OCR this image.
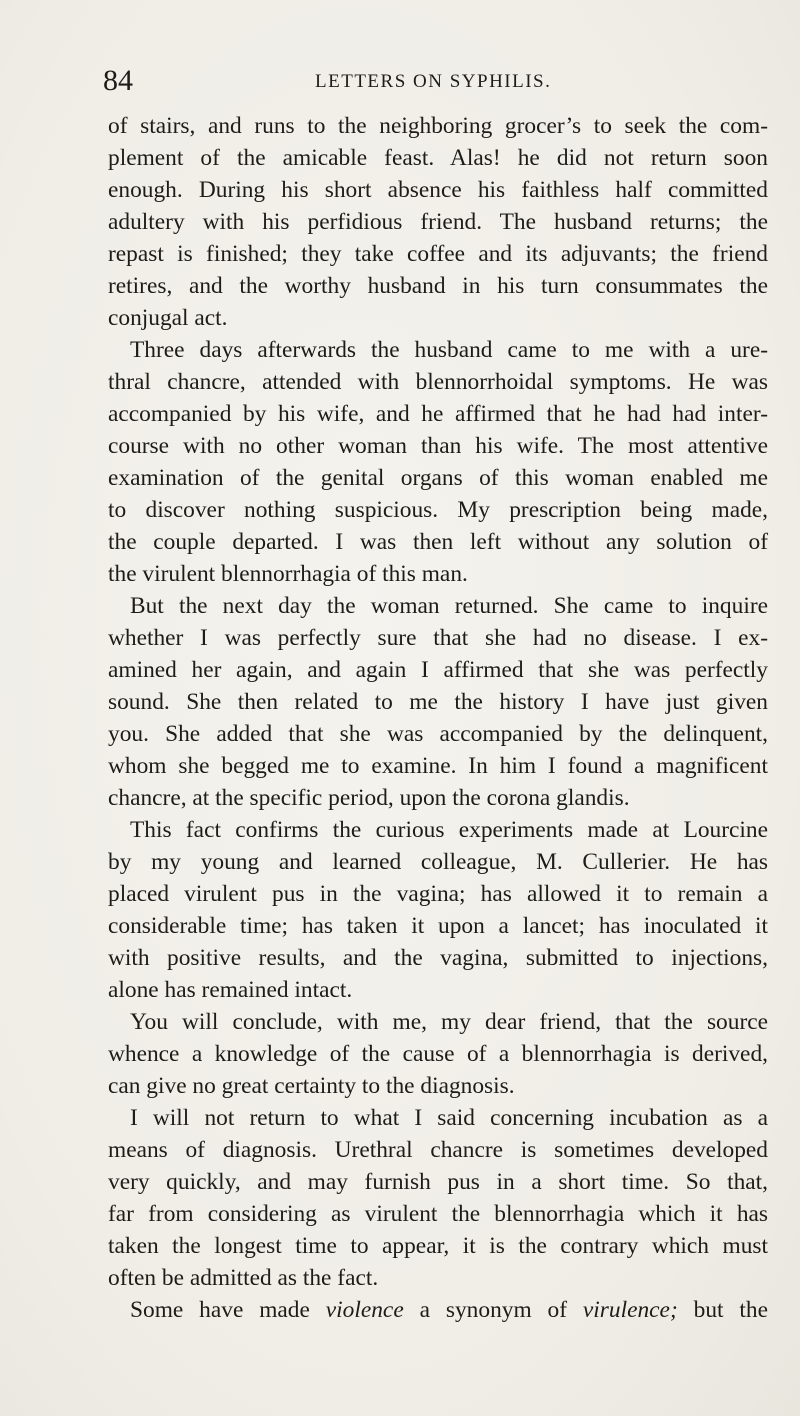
84	LETTERS ON SYPHILIS.
of stairs, and runs to the neighboring grocer’s to seek the com-
plement of the amicable feast. Alas! he did not return soon
enough. During his short absence his faithless half committed
adultery with his perfidious friend. The husband returns; the
repast is finished; they take coffee and its adjuvants; the friend
retires, and the worthy husband in his turn consummates the
conjugal act.
Three days afterwards the husband came to me with a ure-
thral chancre, attended with blennorrhoidal symptoms. He was
accompanied by his wife, and he affirmed that he had had inter-
course with no other woman than his wife. The most attentive
examination of the genital organs of this woman enabled me
to discover nothing suspicious. My prescription being made,
the couple departed. I was then left without any solution of
the virulent blennorrhagia of this man.
But the next day the woman returned. She came to inquire
whether I was perfectly sure that she had no disease. I ex-
amined her again, and again I affirmed that she was perfectly
sound. She then related to me the history I have just given
you. She added that she was accompanied by the delinquent,
whom she begged me to examine. In him I found a magnificent
chancre, at the specific period, upon the corona glandis.
This fact confirms the curious experiments made at Lourcine
by my young and learned colleague, M. Cullerier. He has
placed virulent pus in the vagina; has allowed it to remain a
considerable time; has taken it upon a lancet; has inoculated it
with positive results, and the vagina, submitted to injections,
alone has remained intact.
You will conclude, with me, my dear friend, that the source
whence a knowledge of the cause of a blennorrhagia is derived,
can give no great certainty to the diagnosis.
I will not return to what I said concerning incubation as a
means of diagnosis. Urethral chancre is sometimes developed
very quickly, and may furnish pus in a short time. So that,
far from considering as virulent the blennorrhagia which it has
taken the longest time to appear, it is the contrary which must
often be admitted as the fact.
Some have made violence a synonym of virulence; but the
